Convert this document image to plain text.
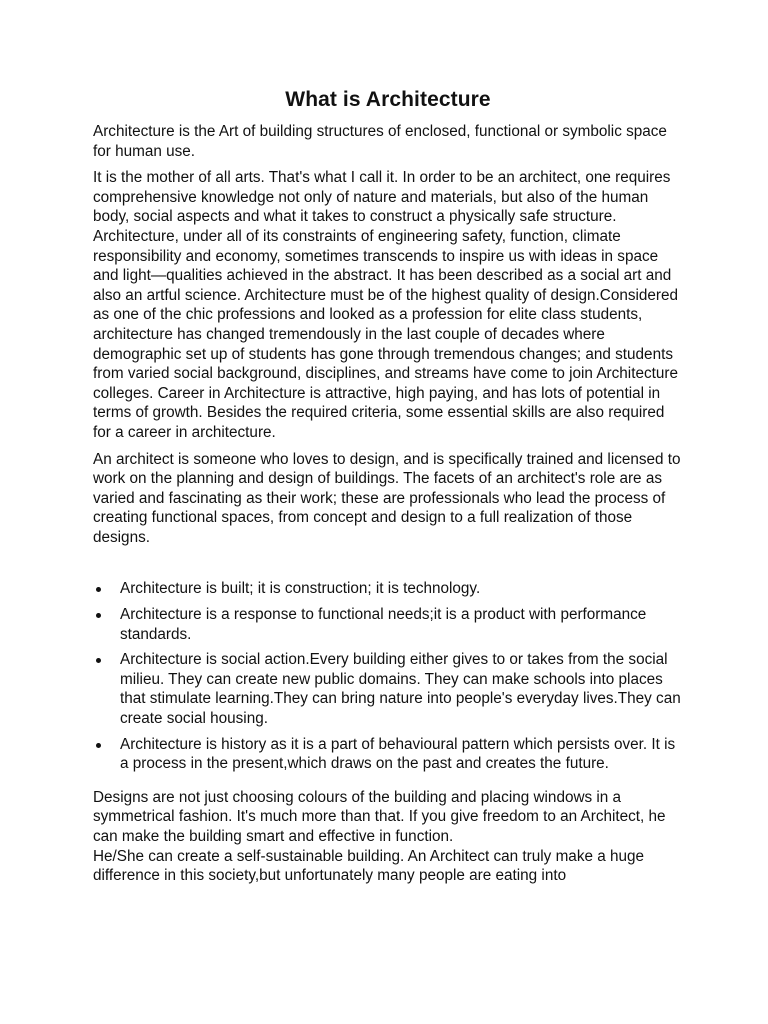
What is Architecture

Architecture is the Art of building structures of enclosed, functional or symbolic space for human use.

It is the mother of all arts. That's what I call it. In order to be an architect, one requires comprehensive knowledge not only of nature and materials, but also of the human body, social aspects and what it takes to construct a physically safe structure. Architecture, under all of its constraints of engineering safety, function, climate responsibility and economy, sometimes transcends to inspire us with ideas in space and light—qualities achieved in the abstract. It has been described as a social art and also an artful science. Architecture must be of the highest quality of design.Considered as one of the chic professions and looked as a profession for elite class students, architecture has changed tremendously in the last couple of decades where demographic set up of students has gone through tremendous changes; and students from varied social background, disciplines, and streams have come to join Architecture colleges. Career in Architecture is attractive, high paying, and has lots of potential in terms of growth. Besides the required criteria, some essential skills are also required for a career in architecture.

An architect is someone who loves to design, and is specifically trained and licensed to work on the planning and design of buildings. The facets of an architect's role are as varied and fascinating as their work; these are professionals who lead the process of creating functional spaces, from concept and design to a full realization of those designs.

Architecture is built; it is construction; it is technology.
Architecture is a response to functional needs;it is a product with performance standards.
Architecture is social action.Every building either gives to or takes from the social milieu. They can create new public domains. They can make schools into places that stimulate learning.They can bring nature into people's everyday lives.They can create social housing.
Architecture is history as it is a part of behavioural pattern which persists over. It is a process in the present,which draws on the past and creates the future.

Designs are not just choosing colours of the building and placing windows in a symmetrical fashion. It's much more than that. If you give freedom to an Architect, he can make the building smart and effective in function.
He/She can create a self-sustainable building. An Architect can truly make a huge difference in this society,but unfortunately many people are eating into
